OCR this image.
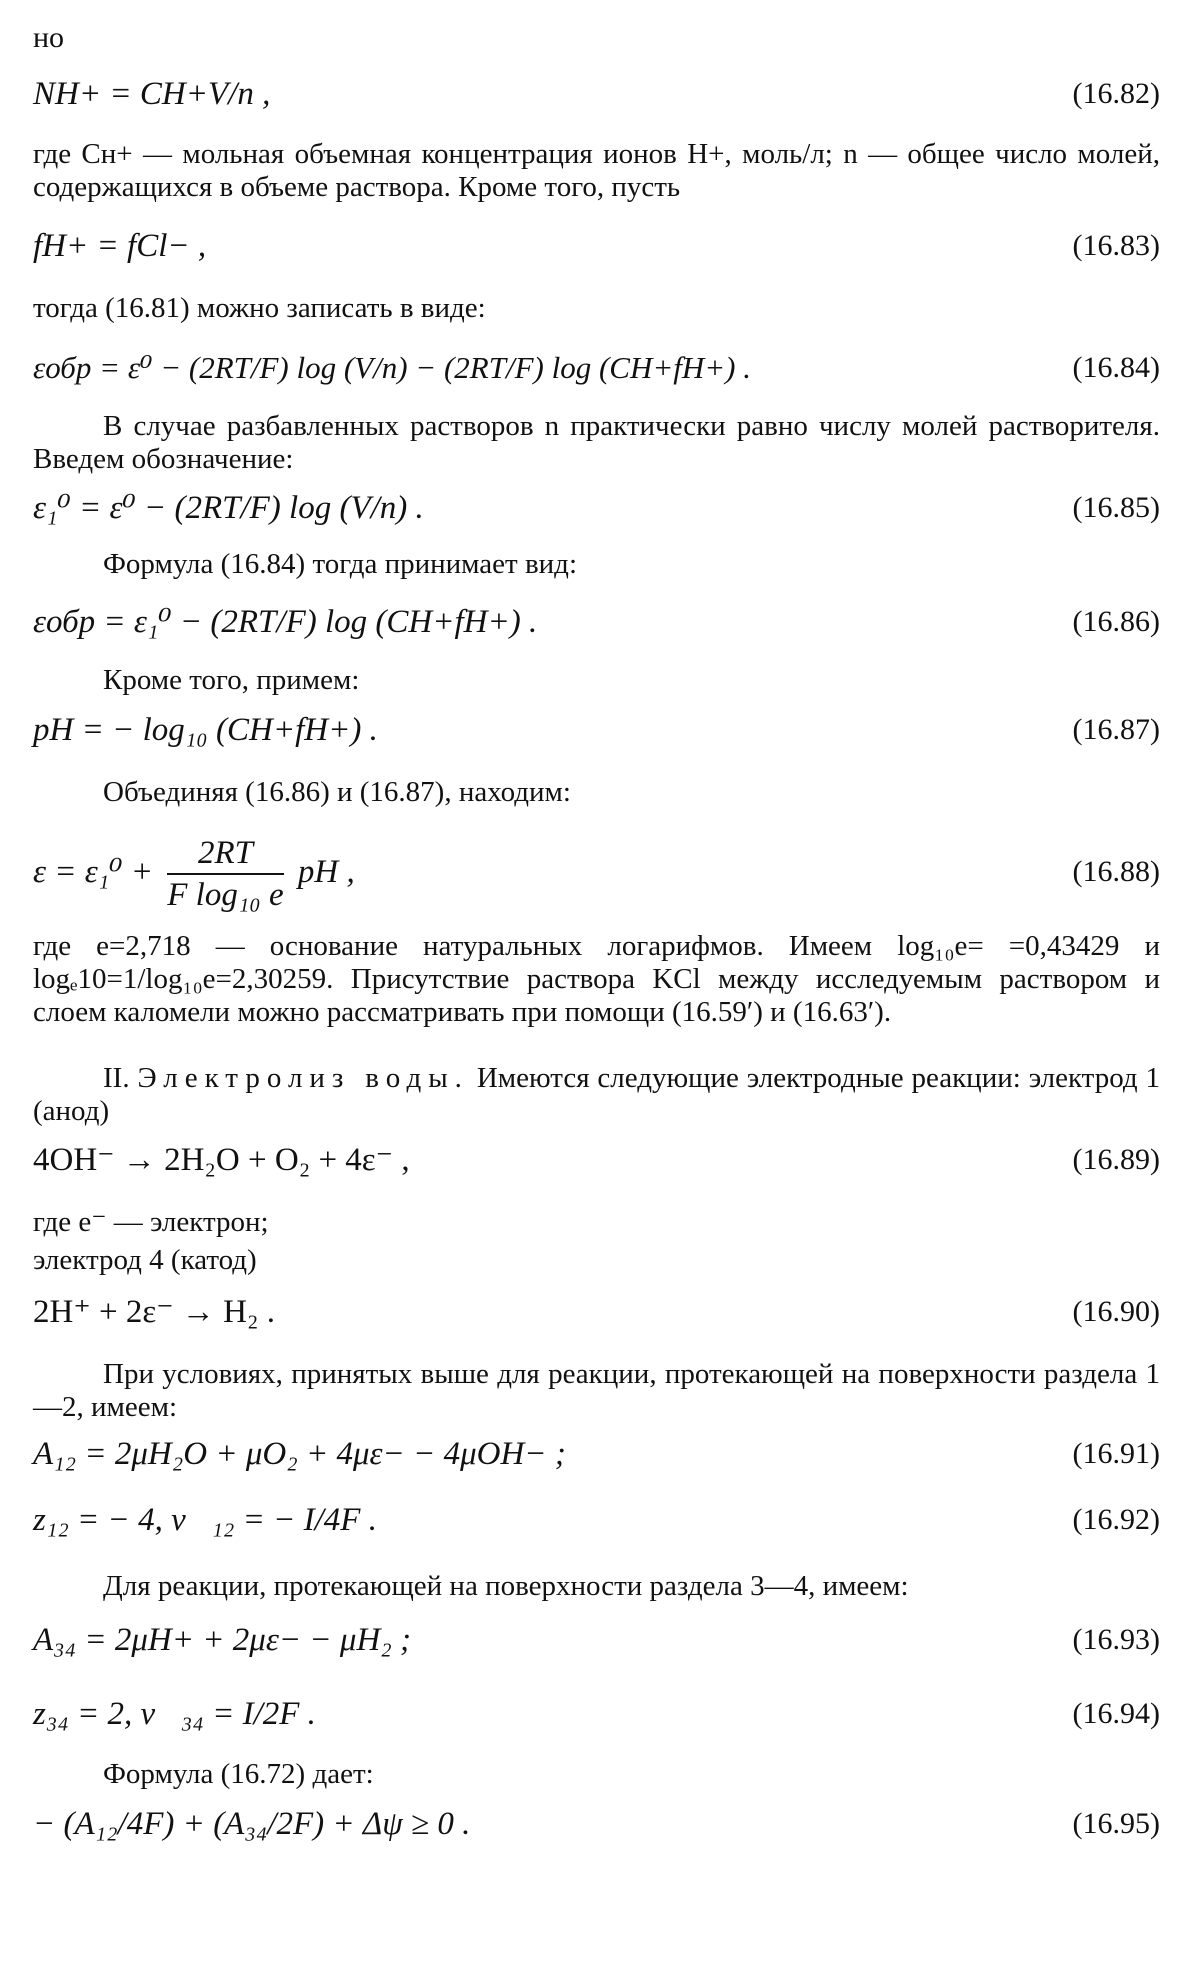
но
NH+ = CH+V/n ,	(16.82)
где Cн+ — мольная объемная концентрация ионов H+, моль/л; n — общее число молей, содержащихся в объеме раствора. Кроме того, пусть
fH+ = fCl− ,	(16.83)
тогда (16.81) можно записать в виде:
εобр = ε⁰ − (2RT/F) log (V/n) − (2RT/F) log (CH+fH+) .	(16.84)
В случае разбавленных растворов n практически равно числу молей растворителя. Введем обозначение:
ε₁⁰ = ε⁰ − (2RT/F) log (V/n) .	(16.85)
Формула (16.84) тогда принимает вид:
εобр = ε₁⁰ − (2RT/F) log (CH+fH+) .	(16.86)
Кроме того, примем:
pH = − log₁₀ (CH+fH+) .	(16.87)
Объединяя (16.86) и (16.87), находим:
$\varepsilon = \varepsilon_1^0 + \frac{2RT}{\text{F log₁₀ e}}$ pH ,	(16.88)
где e=2,718 — основание натуральных логарифмов. Имеем log₁₀e= =0,43429 и logₑ10=1/log₁₀e=2,30259. Присутствие раствора KCl между исследуемым раствором и слоем каломели можно рассматривать при помощи (16.59′) и (16.63′).
II. Электролиз воды. Имеются следующие электродные реакции: электрод 1 (анод)
4OH⁻ → 2H₂O + O₂ + 4ε⁻ ,	(16.89)
где e⁻ — электрон;
электрод 4 (катод)
2H⁺ + 2ε⁻ → H₂ .	(16.90)
При условиях, принятых выше для реакции, протекающей на поверхности раздела 1—2, имеем:
A₁₂ = 2μH₂O + μO₂ + 4με− − 4μOH− ;	(16.91)
z₁₂ = − 4, v⃗₁₂ = − I/4F .	(16.92)
Для реакции, протекающей на поверхности раздела 3—4, имеем:
A₃₄ = 2μH+ + 2με− − μH₂ ;	(16.93)
z₃₄ = 2, v⃗₃₄ = I/2F .	(16.94)
Формула (16.72) дает:
− (A₁₂/4F) + (A₃₄/2F) + Δψ ≥ 0 .	(16.95)
